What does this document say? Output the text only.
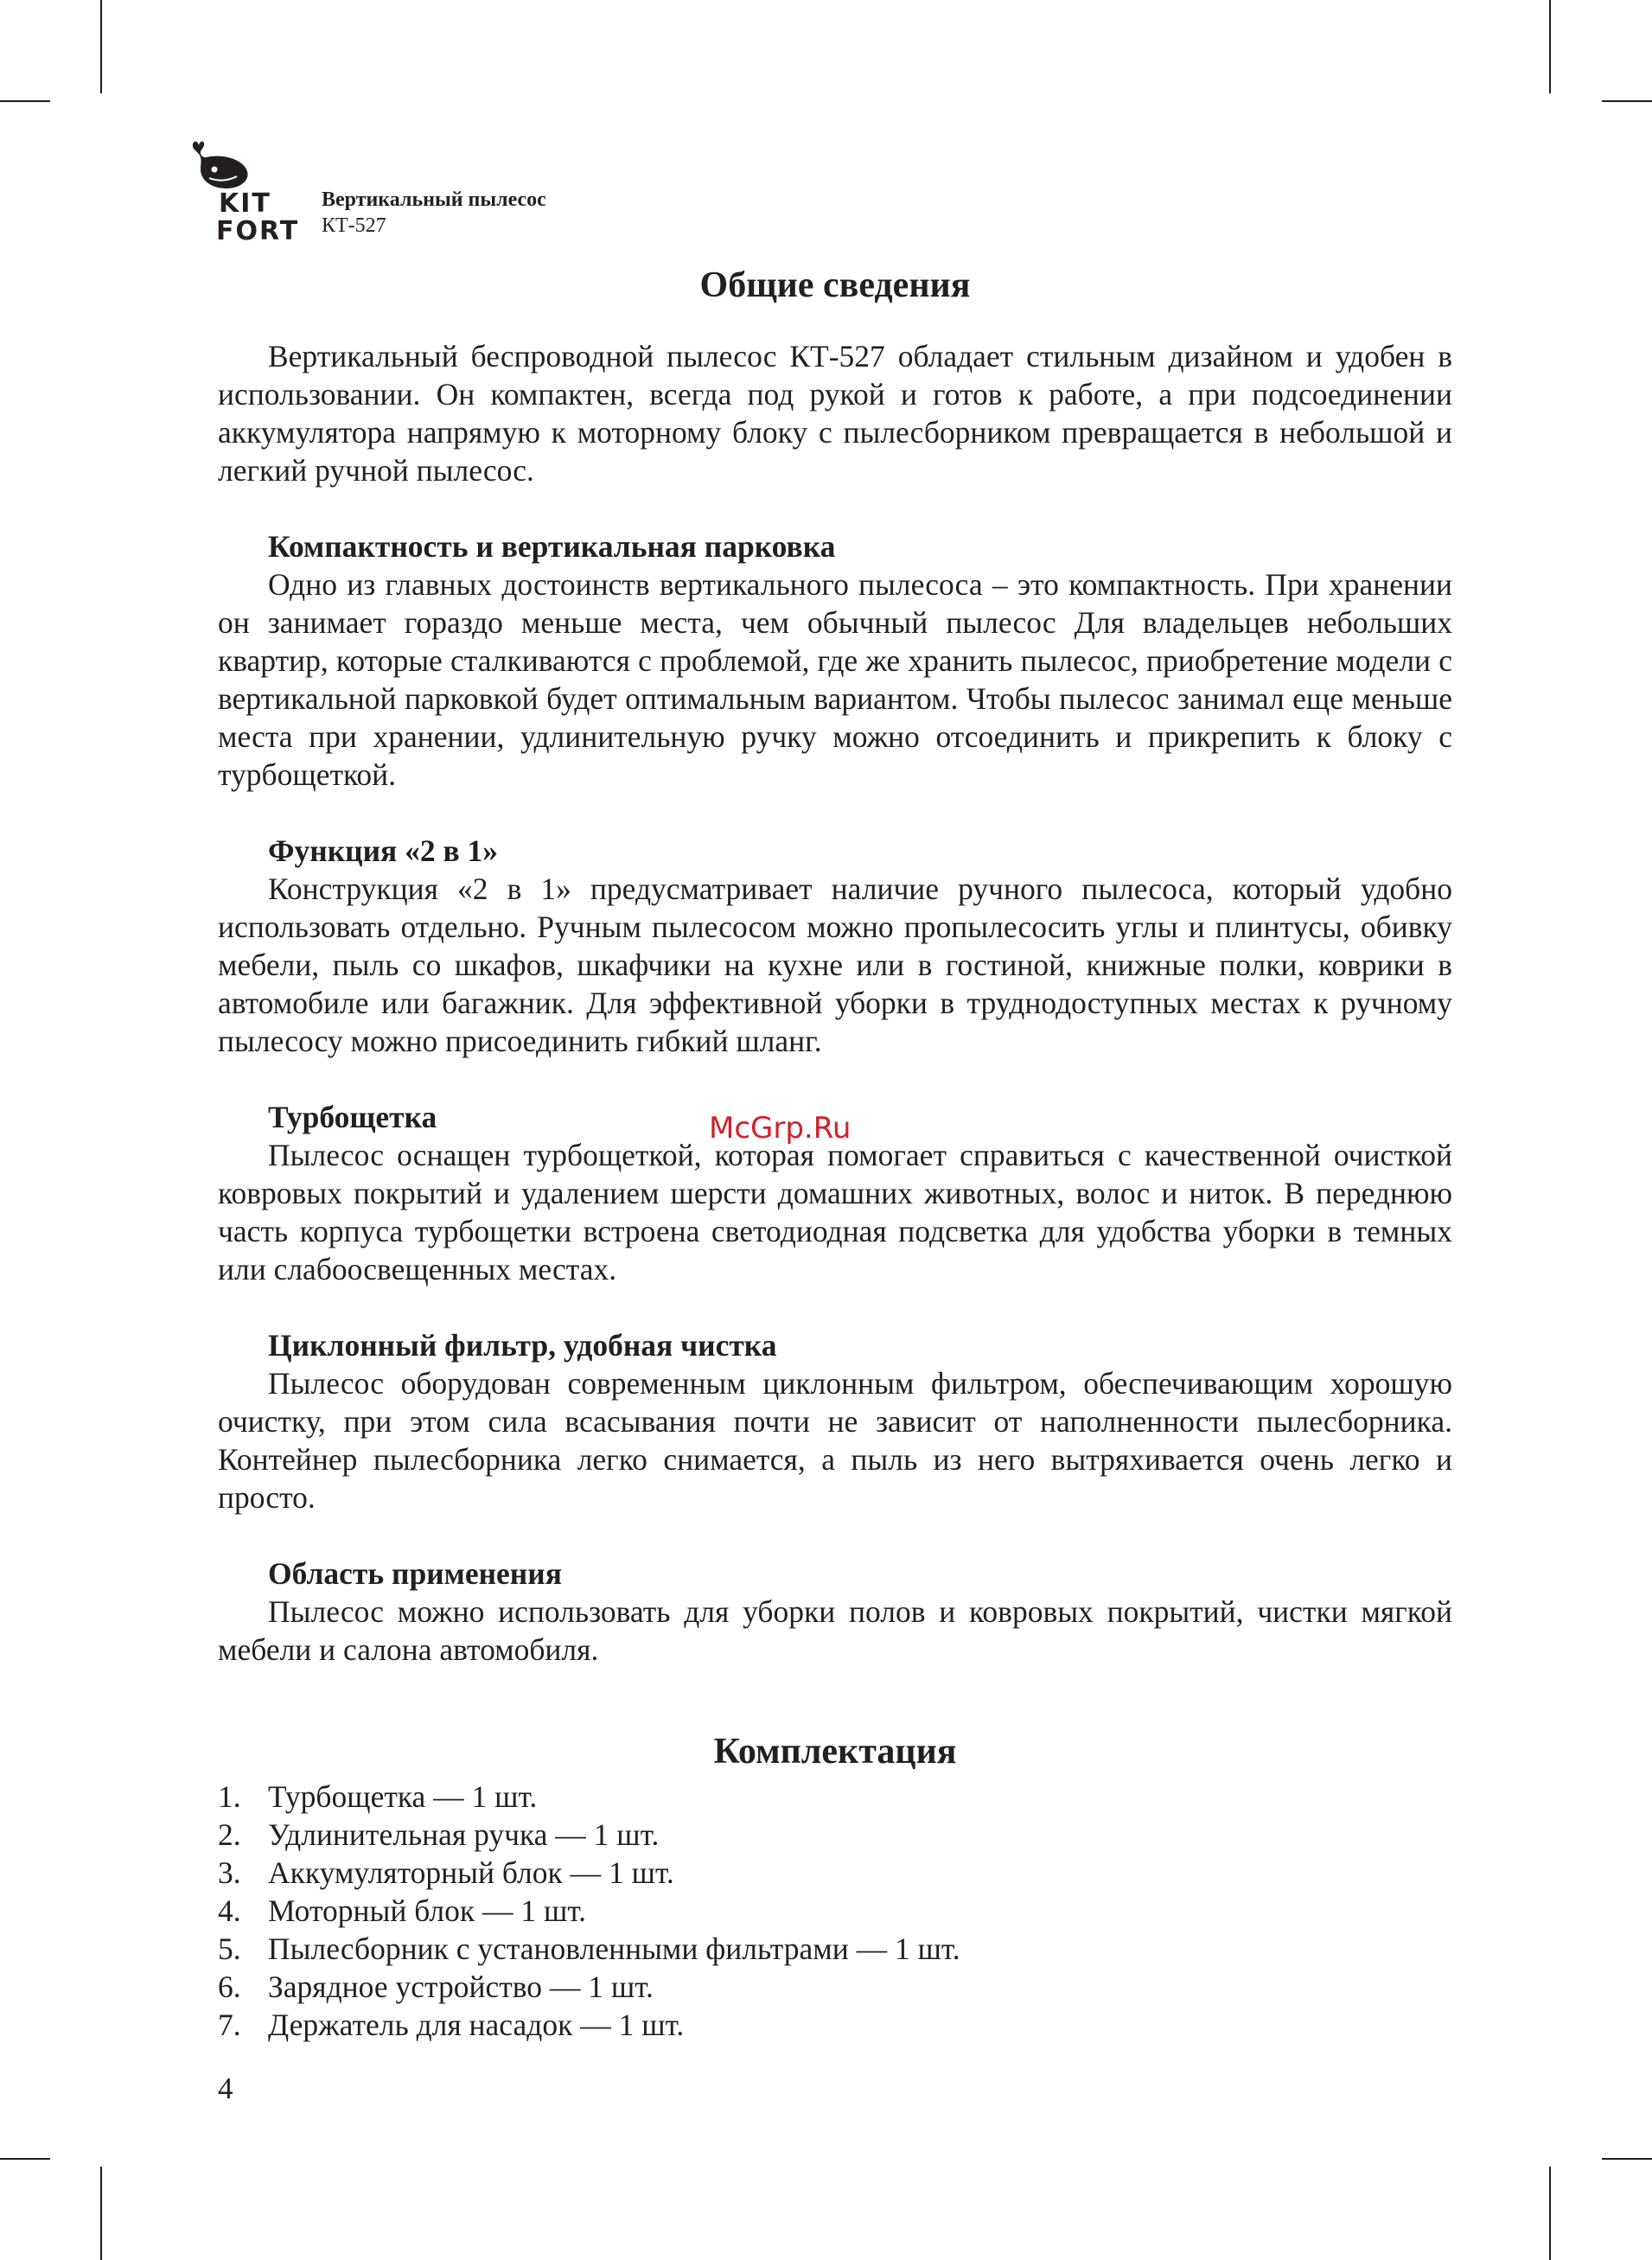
KIT
FORT
Вертикальный пылесос
КТ-527
McGrp.Ru
Общие сведения

Вертикальный беспроводной пылесос КТ-527 обладает стильным дизайном и удобен в использовании. Он компактен, всегда под рукой и готов к работе, а при подсоединении аккумулятора напрямую к моторному блоку с пылесборником превращается в небольшой и легкий ручной пылесос.

Компактность и вертикальная парковка

Одно из главных достоинств вертикального пылесоса – это компактность. При хранении он занимает гораздо меньше места, чем обычный пылесос Для владельцев небольших квартир, которые сталкиваются с проблемой, где же хранить пылесос, приобретение модели с вертикальной парковкой будет оптимальным вариантом. Чтобы пылесос занимал еще меньше места при хранении, удлинительную ручку можно отсоединить и прикрепить к блоку с турбощеткой.

Функция «2 в 1»

Конструкция «2 в 1» предусматривает наличие ручного пылесоса, который удобно использовать отдельно. Ручным пылесосом можно пропылесосить углы и плинтусы, обивку мебели, пыль со шкафов, шкафчики на кухне или в гостиной, книжные полки, коврики в автомобиле или багажник. Для эффективной уборки в труднодоступных местах к ручному пылесосу можно присоединить гибкий шланг.

Турбощетка

Пылесос оснащен турбощеткой, которая помогает справиться с качественной очисткой ковровых покрытий и удалением шерсти домашних животных, волос и ниток. В переднюю часть корпуса турбощетки встроена светодиодная подсветка для удобства уборки в темных или слабоосвещенных местах.

Циклонный фильтр, удобная чистка

Пылесос оборудован современным циклонным фильтром, обеспечивающим хорошую очистку, при этом сила всасывания почти не зависит от наполненности пылесборника. Контейнер пылесборника легко снимается, а пыль из него вытряхивается очень легко и просто.

Область применения

Пылесос можно использовать для уборки полов и ковровых покрытий, чистки мягкой мебели и салона автомобиля.

Комплектация
1. Турбощетка — 1 шт.
2. Удлинительная ручка — 1 шт.
3. Аккумуляторный блок — 1 шт.
4. Моторный блок — 1 шт.
5. Пылесборник с установленными фильтрами — 1 шт.
6. Зарядное устройство — 1 шт.
7. Держатель для насадок — 1 шт.
4
